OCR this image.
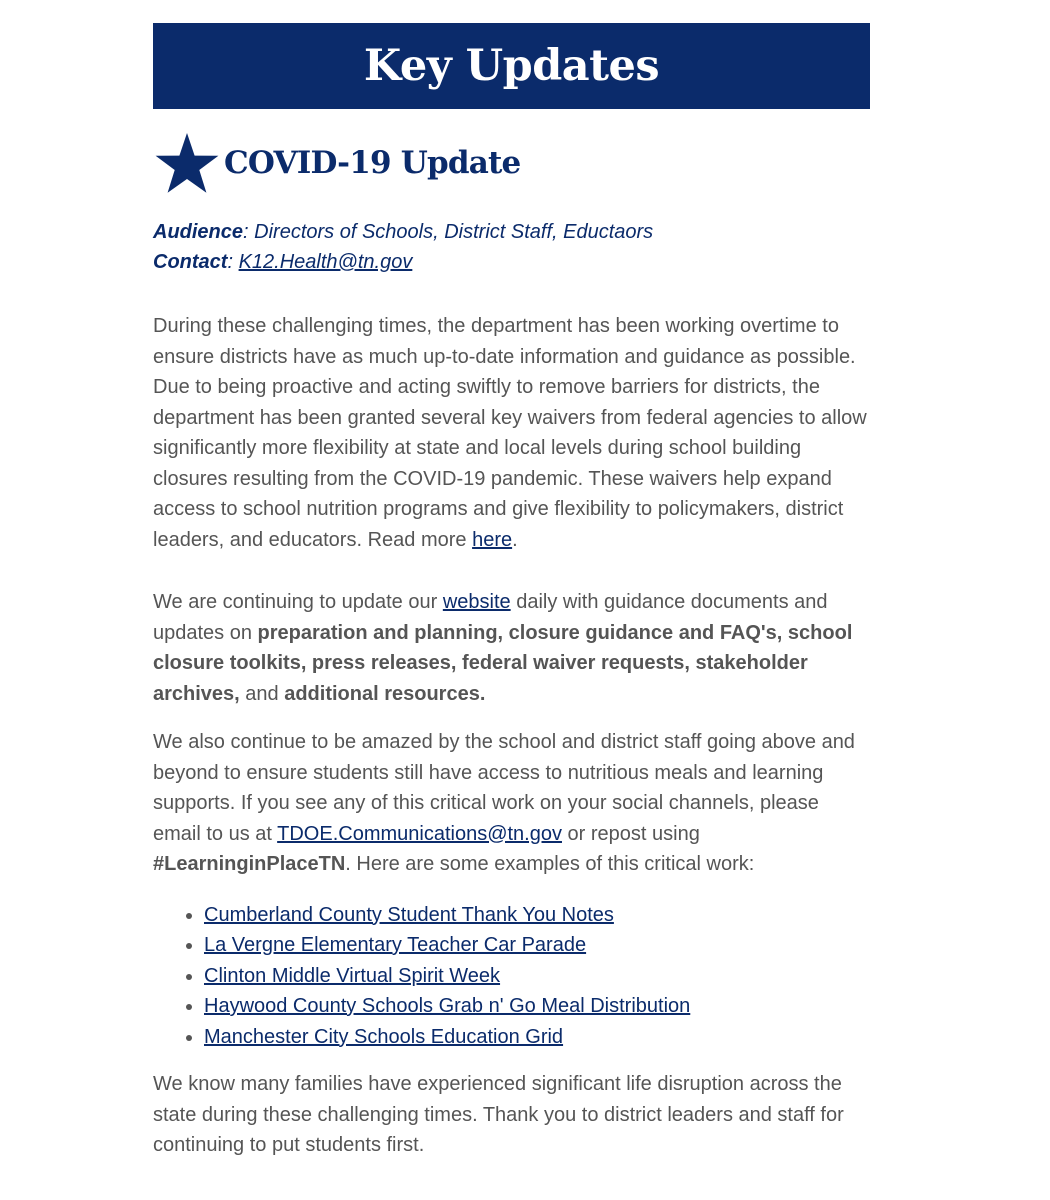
Key Updates
COVID-19 Update
Audience: Directors of Schools, District Staff, Eductaors
Contact: K12.Health@tn.gov

During these challenging times, the department has been working overtime to ensure districts have as much up-to-date information and guidance as possible. Due to being proactive and acting swiftly to remove barriers for districts, the department has been granted several key waivers from federal agencies to allow significantly more flexibility at state and local levels during school building closures resulting from the COVID-19 pandemic. These waivers help expand access to school nutrition programs and give flexibility to policymakers, district leaders, and educators. Read more here.

We are continuing to update our website daily with guidance documents and updates on preparation and planning, closure guidance and FAQ's, school closure toolkits, press releases, federal waiver requests, stakeholder archives, and additional resources.

We also continue to be amazed by the school and district staff going above and beyond to ensure students still have access to nutritious meals and learning supports. If you see any of this critical work on your social channels, please email to us at TDOE.Communications@tn.gov or repost using #LearninginPlaceTN. Here are some examples of this critical work:

• Cumberland County Student Thank You Notes
• La Vergne Elementary Teacher Car Parade
• Clinton Middle Virtual Spirit Week
• Haywood County Schools Grab n' Go Meal Distribution
• Manchester City Schools Education Grid

We know many families have experienced significant life disruption across the state during these challenging times. Thank you to district leaders and staff for continuing to put students first.
